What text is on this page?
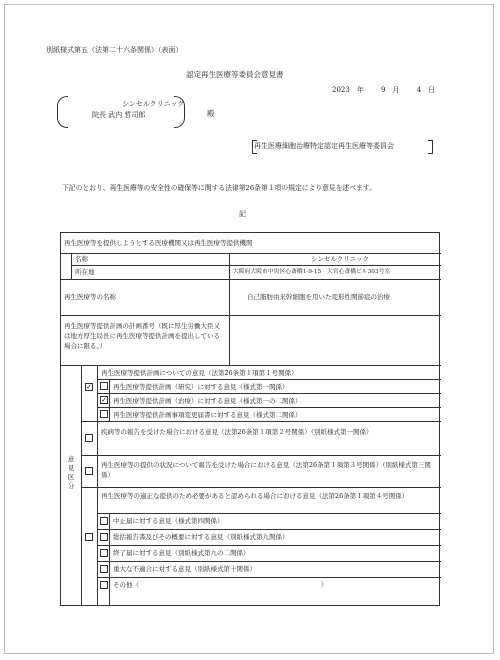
別紙様式第五（法第二十六条関係）（表面）
認定再生医療等委員会意見書
2023　年　 9　月　 4　日
シンセルクリニック
院長 武内 哲司郎	殿
再生医療細胞治療特定認定再生医療等委員会
下記のとおり、再生医療等の安全性の確保等に関する法律第26条第１項の規定により意見を述べます。
記
再生医療等を提供しようとする医療機関又は再生医療等提供機関
名称	シンセルクリニック
所在地	大阪府大阪市中央区心斎橋1-9-15　大宮心斎橋ビル303号室
再生医療等の名称	自己脂肪由来幹細胞を用いた変形性関節症の治療
再生医療等提供計画の計画番号（既に厚生労働大臣又は地方厚生局長に再生医療等提供計画を提出している場合に限る。）
意見区分
✓
再生医療等提供計画についての意見（法第26条第１項第１号関係）
再生医療等提供計画（研究）に対する意見（様式第一関係）
✓ 再生医療等提供計画（治療）に対する意見（様式第一の二関係）
再生医療等提供計画事項変更届書に対する意見（様式第二関係）
疾病等の報告を受けた場合における意見（法第26条第１項第２号関係）（別紙様式第一関係）
再生医療等の提供の状況について報告を受けた場合における意見（法第26条第１項第３号関係）（別紙様式第三関係）
再生医療等の適正な提供のため必要があると認められる場合における意見（法第26条第１項第４号関係）
中止届に対する意見（様式第四関係）
総括報告書及びその概要に対する意見（別紙様式第九関係）
終了届に対する意見（別紙様式第九の二関係）
重大な不適合に対する意見（別紙様式第十関係）
その他（　　　　　　　　　　　　　　　　　　　　　　　　　　　　）
